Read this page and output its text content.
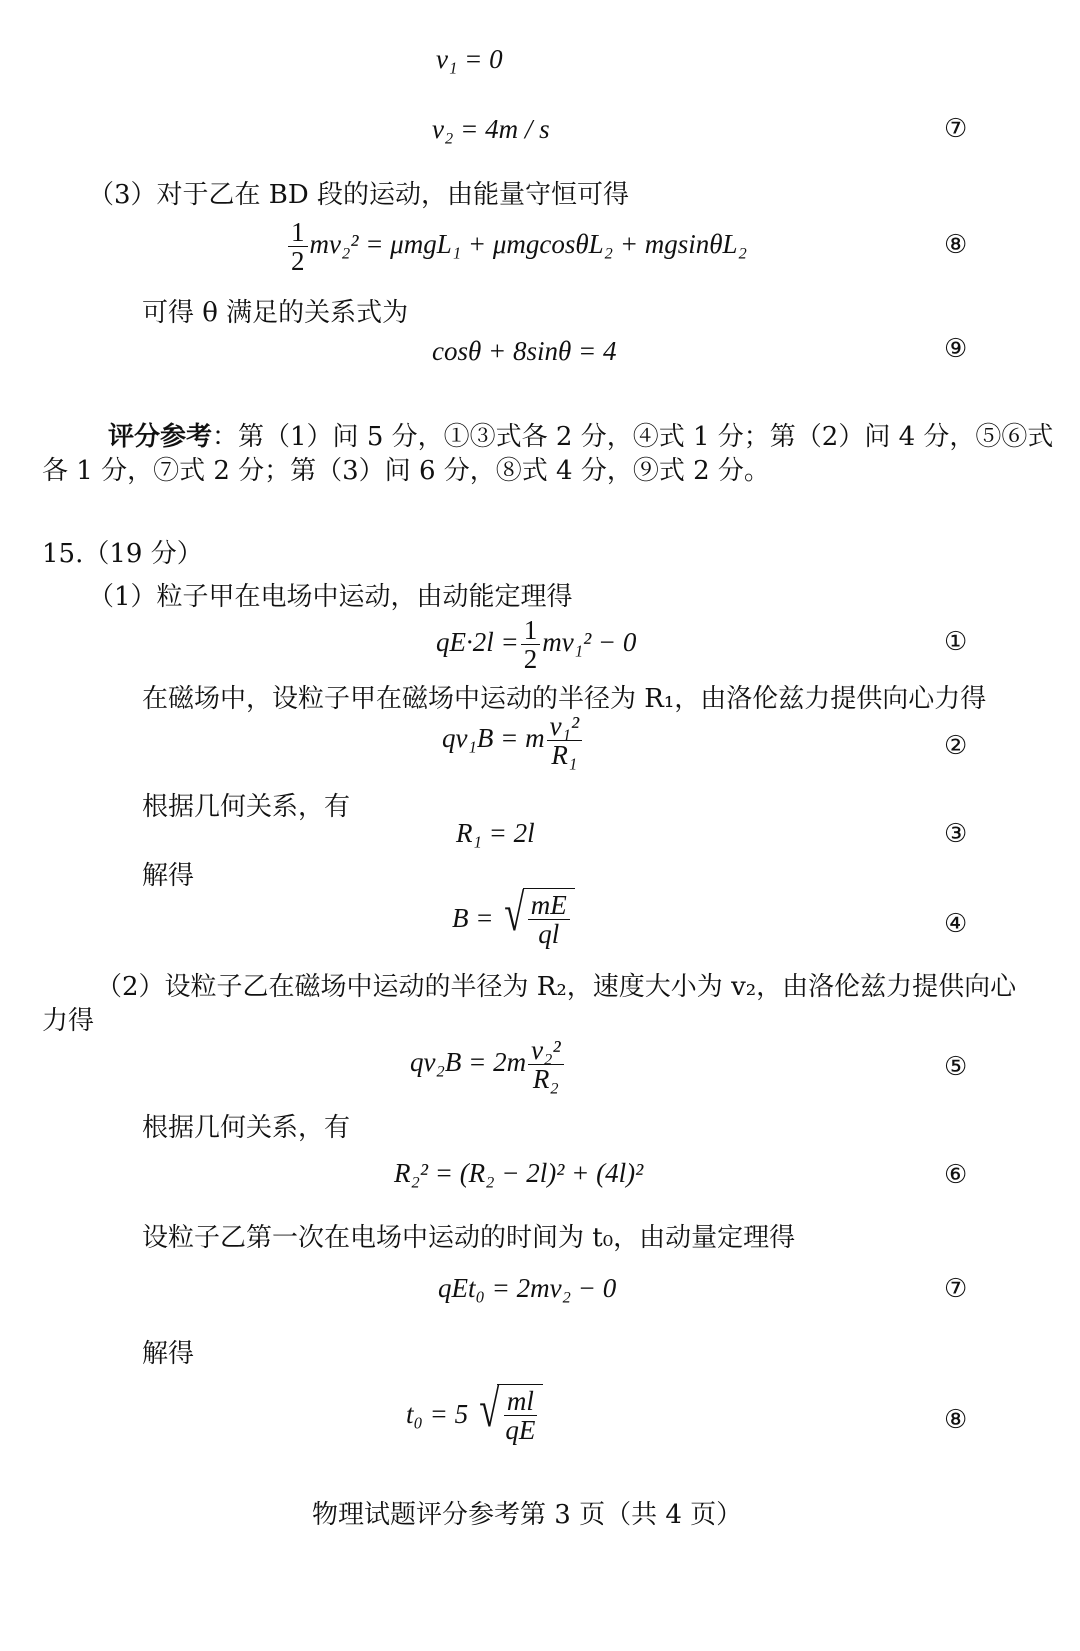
v₁ = 0
v₂ = 4m / s	⑦
（3）对于乙在 BD 段的运动，由能量守恒可得
$\frac{1}{2} mv_2^2 = \mu mgL_1 + \mu mgcos\theta L_2 + mgsin\theta L_2$	⑧
可得 θ 满足的关系式为
cosθ + 8sinθ = 4	⑨
评分参考：第（1）问 5 分，①③式各 2 分，④式 1 分；第（2）问 4 分，⑤⑥式
各 1 分，⑦式 2 分；第（3）问 6 分，⑧式 4 分，⑨式 2 分。
15.（19 分）
（1）粒子甲在电场中运动，由动能定理得
$qE\cdot 2l = \frac{1}{2} mv_1^2 - 0$	①
在磁场中，设粒子甲在磁场中运动的半径为 R₁，由洛伦兹力提供向心力得
qv₁B = m $\frac{\text{v₁²}}{\text{R₁}}$	②
根据几何关系，有
R₁ = 2l	③
解得
B = √ $\frac{mE}{ql}$	④
（2）设粒子乙在磁场中运动的半径为 R₂，速度大小为 v₂，由洛伦兹力提供向心
力得
$qv_2B = 2m \frac{\text{v₂²}}{\text{R₂}}$	⑤
根据几何关系，有
R₂² = (R₂ − 2l)² + (4l)²	⑥
设粒子乙第一次在电场中运动的时间为 t₀，由动量定理得
qEt₀ = 2mv₂ − 0	⑦
解得
t₀ = 5 √ $\frac{ml}{qE}$	⑧
物理试题评分参考第 3 页（共 4 页）
